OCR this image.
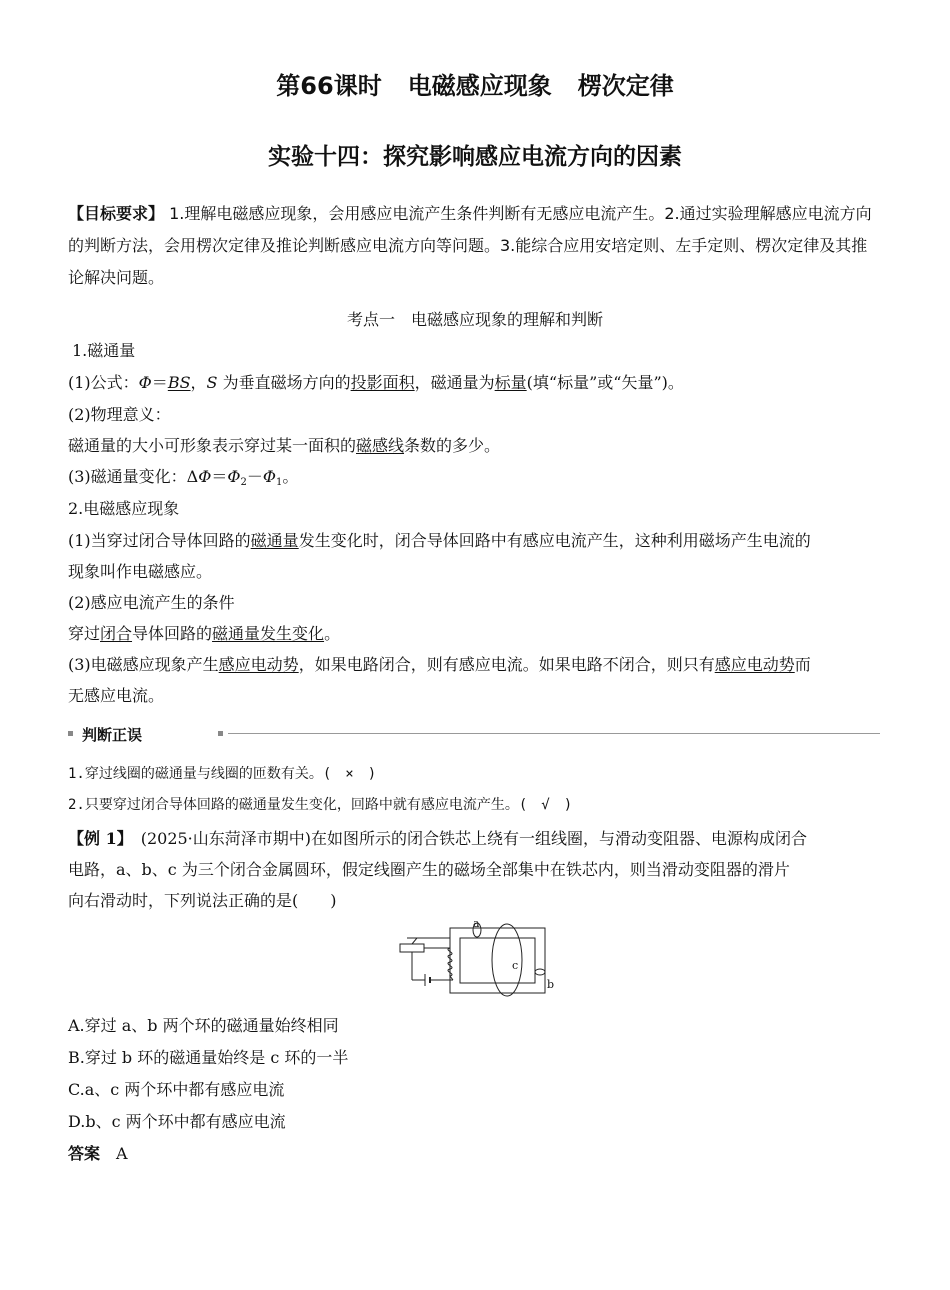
第66课时 电磁感应现象 楞次定律
实验十四：探究影响感应电流方向的因素
【目标要求】 1.理解电磁感应现象，会用感应电流产生条件判断有无感应电流产生。2.通过实验理解感应电流方向的判断方法，会用楞次定律及推论判断感应电流方向等问题。3.能综合应用安培定则、左手定则、楞次定律及其推论解决问题。
考点一　电磁感应现象的理解和判断
1.磁通量
(1)公式：Φ＝BS，S 为垂直磁场方向的投影面积，磁通量为标量(填“标量”或“矢量”)。
(2)物理意义：
磁通量的大小可形象表示穿过某一面积的磁感线条数的多少。
(3)磁通量变化：$\Delta\Phi=\Phi_2-\Phi_1$。
2.电磁感应现象
(1)当穿过闭合导体回路的磁通量发生变化时，闭合导体回路中有感应电流产生，这种利用磁场产生电流的
现象叫作电磁感应。
(2)感应电流产生的条件
穿过闭合导体回路的磁通量发生变化。
(3)电磁感应现象产生感应电动势，如果电路闭合，则有感应电流。如果电路不闭合，则只有感应电动势而
无感应电流。
判断正误
1.穿过线圈的磁通量与线圈的匝数有关。(　×　)
2.只要穿过闭合导体回路的磁通量发生变化，回路中就有感应电流产生。(　√　)
【例 1】　(2025·山东菏泽市期中)在如图所示的闭合铁芯上绕有一组线圈，与滑动变阻器、电源构成闭合
电路，a、b、c 为三个闭合金属圆环，假定线圈产生的磁场全部集中在铁芯内，则当滑动变阻器的滑片
向右滑动时，下列说法正确的是(　　)
a
c
b
A.穿过 a、b 两个环的磁通量始终相同
B.穿过 b 环的磁通量始终是 c 环的一半
C.a、c 两个环中都有感应电流
D.b、c 两个环中都有感应电流
答案　 A
